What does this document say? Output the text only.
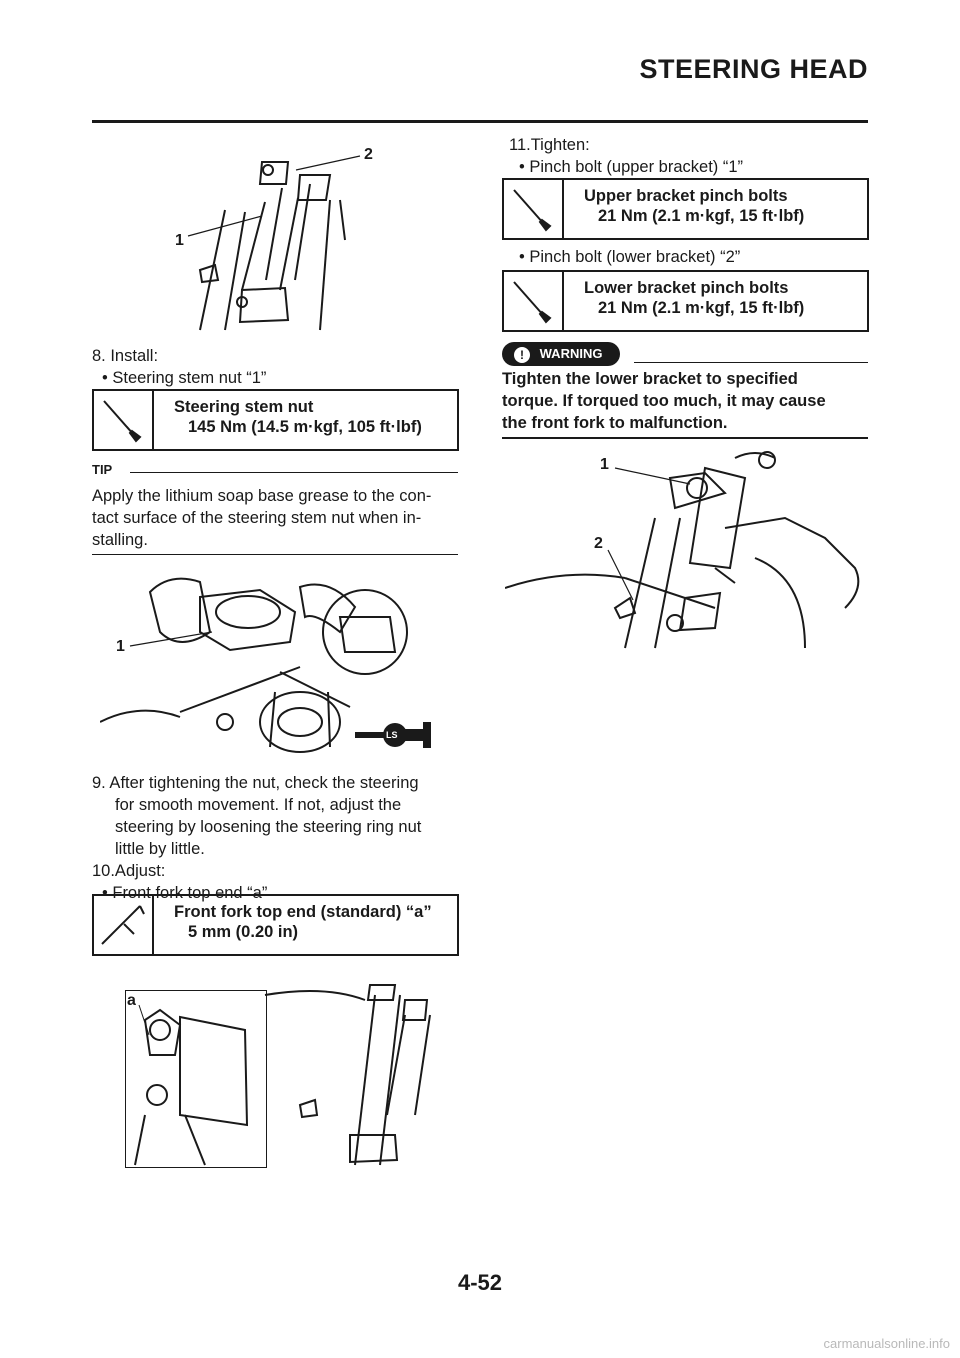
STEERING HEAD
1
2
8. Install:
• Steering stem nut “1”
Steering stem nut
145 Nm (14.5 m·kgf, 105 ft·lbf)
TIP
Apply the lithium soap base grease to the con-
tact surface of the steering stem nut when in-
stalling.
1
LS
9. After tightening the nut, check the steering
for smooth movement. If not, adjust the
steering by loosening the steering ring nut
little by little.
10.Adjust:
• Front fork top end “a”
Front fork top end (standard) “a”
5 mm (0.20 in)
a
11.Tighten:
• Pinch bolt (upper bracket) “1”
Upper bracket pinch bolts
21 Nm (2.1 m·kgf, 15 ft·lbf)
• Pinch bolt (lower bracket) “2”
Lower bracket pinch bolts
21 Nm (2.1 m·kgf, 15 ft·lbf)
! WARNING
Tighten the lower bracket to specified
torque. If torqued too much, it may cause
the front fork to malfunction.
1
2
4-52
carmanualsonline.info
